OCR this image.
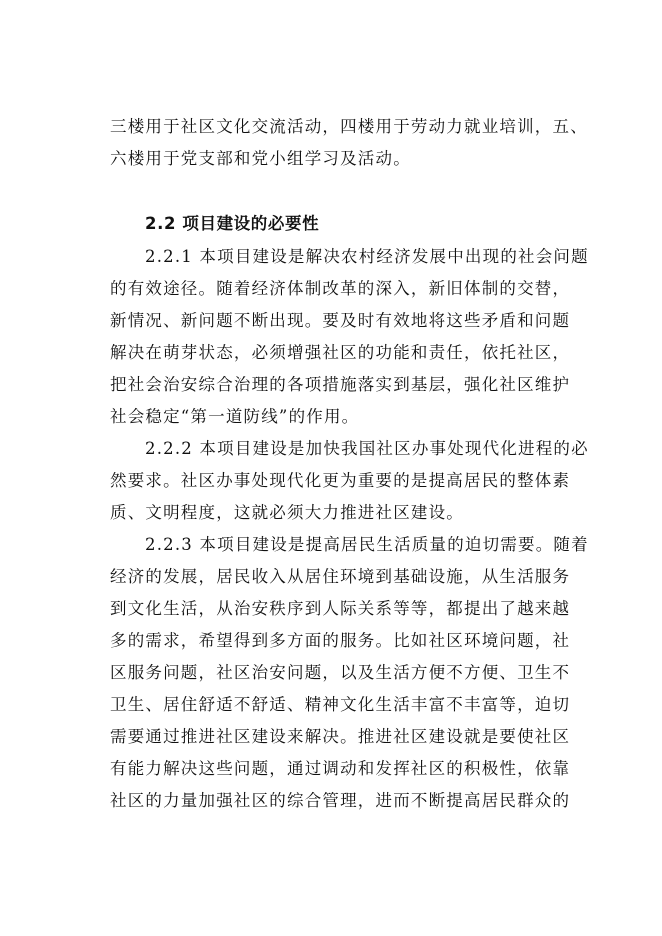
三楼用于社区文化交流活动，四楼用于劳动力就业培训，五、
六楼用于党支部和党小组学习及活动。
2.2 项目建设的必要性
2.2.1 本项目建设是解决农村经济发展中出现的社会问题
的有效途径。随着经济体制改革的深入，新旧体制的交替，
新情况、新问题不断出现。要及时有效地将这些矛盾和问题
解决在萌芽状态，必须增强社区的功能和责任，依托社区，
把社会治安综合治理的各项措施落实到基层，强化社区维护
社会稳定“第一道防线”的作用。
2.2.2 本项目建设是加快我国社区办事处现代化进程的必
然要求。社区办事处现代化更为重要的是提高居民的整体素
质、文明程度，这就必须大力推进社区建设。
2.2.3 本项目建设是提高居民生活质量的迫切需要。随着
经济的发展，居民收入从居住环境到基础设施，从生活服务
到文化生活，从治安秩序到人际关系等等，都提出了越来越
多的需求，希望得到多方面的服务。比如社区环境问题，社
区服务问题，社区治安问题，以及生活方便不方便、卫生不
卫生、居住舒适不舒适、精神文化生活丰富不丰富等，迫切
需要通过推进社区建设来解决。推进社区建设就是要使社区
有能力解决这些问题，通过调动和发挥社区的积极性，依靠
社区的力量加强社区的综合管理，进而不断提高居民群众的
